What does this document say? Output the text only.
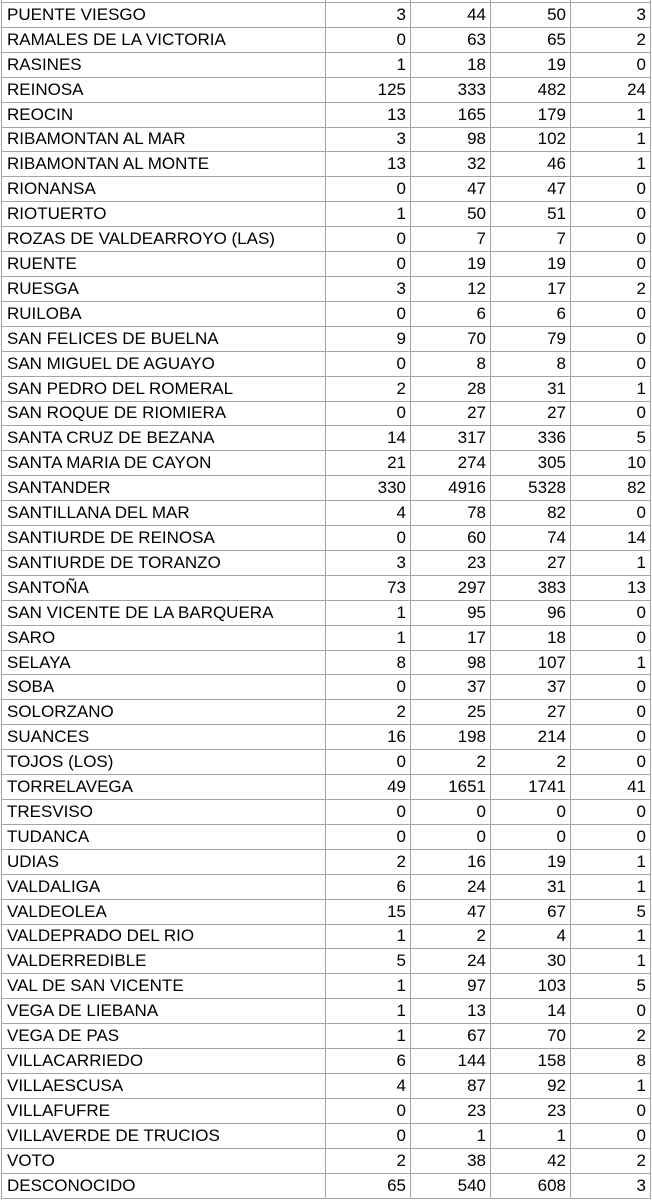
PUENTE VIESGO	3	44	50	3
RAMALES DE LA VICTORIA	0	63	65	2
RASINES	1	18	19	0
REINOSA	125	333	482	24
REOCIN	13	165	179	1
RIBAMONTAN AL MAR	3	98	102	1
RIBAMONTAN AL MONTE	13	32	46	1
RIONANSA	0	47	47	0
RIOTUERTO	1	50	51	0
ROZAS DE VALDEARROYO (LAS)	0	7	7	0
RUENTE	0	19	19	0
RUESGA	3	12	17	2
RUILOBA	0	6	6	0
SAN FELICES DE BUELNA	9	70	79	0
SAN MIGUEL DE AGUAYO	0	8	8	0
SAN PEDRO DEL ROMERAL	2	28	31	1
SAN ROQUE DE RIOMIERA	0	27	27	0
SANTA CRUZ DE BEZANA	14	317	336	5
SANTA MARIA DE CAYON	21	274	305	10
SANTANDER	330	4916	5328	82
SANTILLANA DEL MAR	4	78	82	0
SANTIURDE DE REINOSA	0	60	74	14
SANTIURDE DE TORANZO	3	23	27	1
SANTOÑA	73	297	383	13
SAN VICENTE DE LA BARQUERA	1	95	96	0
SARO	1	17	18	0
SELAYA	8	98	107	1
SOBA	0	37	37	0
SOLORZANO	2	25	27	0
SUANCES	16	198	214	0
TOJOS (LOS)	0	2	2	0
TORRELAVEGA	49	1651	1741	41
TRESVISO	0	0	0	0
TUDANCA	0	0	0	0
UDIAS	2	16	19	1
VALDALIGA	6	24	31	1
VALDEOLEA	15	47	67	5
VALDEPRADO DEL RIO	1	2	4	1
VALDERREDIBLE	5	24	30	1
VAL DE SAN VICENTE	1	97	103	5
VEGA DE LIEBANA	1	13	14	0
VEGA DE PAS	1	67	70	2
VILLACARRIEDO	6	144	158	8
VILLAESCUSA	4	87	92	1
VILLAFUFRE	0	23	23	0
VILLAVERDE DE TRUCIOS	0	1	1	0
VOTO	2	38	42	2
DESCONOCIDO	65	540	608	3
